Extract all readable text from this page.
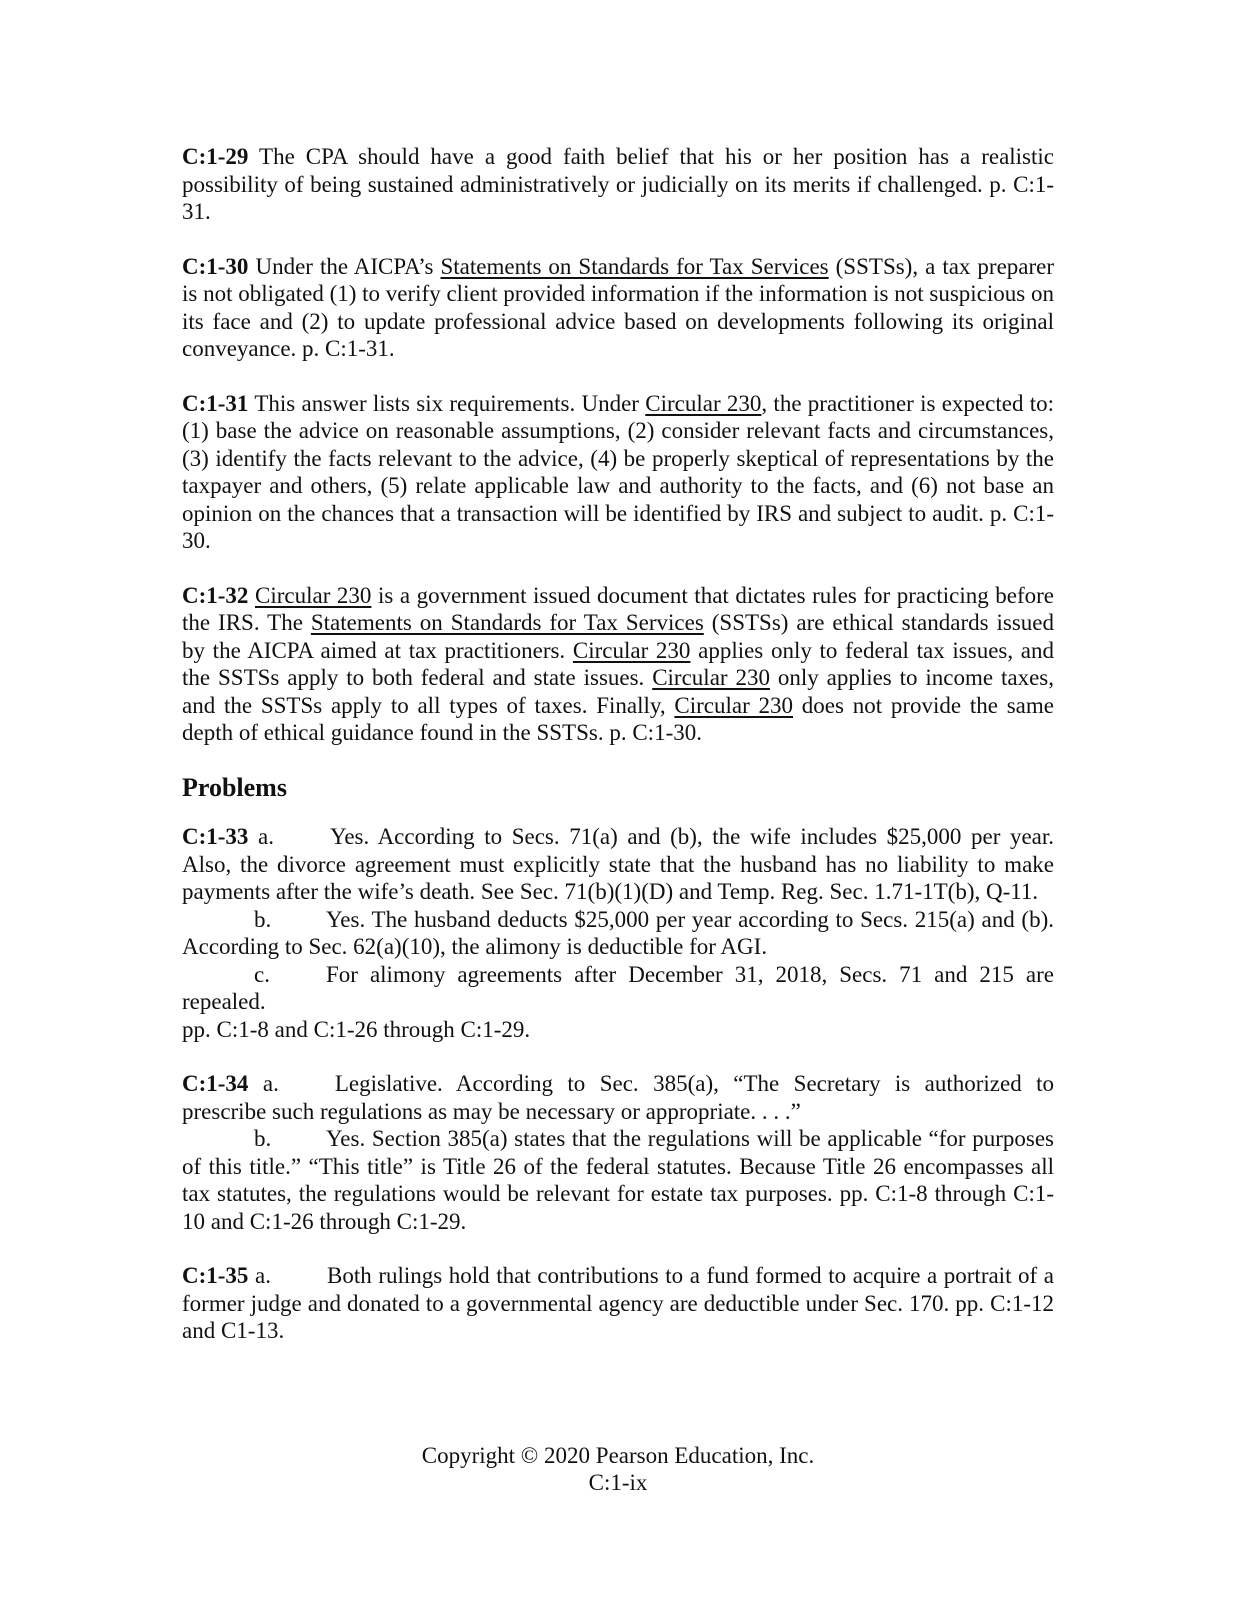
C:1-29 The CPA should have a good faith belief that his or her position has a realistic possibility of being sustained administratively or judicially on its merits if challenged. p. C:1-31.

C:1-30 Under the AICPA’s Statements on Standards for Tax Services (SSTSs), a tax preparer is not obligated (1) to verify client provided information if the information is not suspicious on its face and (2) to update professional advice based on developments following its original conveyance. p. C:1-31.

C:1-31 This answer lists six requirements. Under Circular 230, the practitioner is expected to: (1) base the advice on reasonable assumptions, (2) consider relevant facts and circumstances, (3) identify the facts relevant to the advice, (4) be properly skeptical of representations by the taxpayer and others, (5) relate applicable law and authority to the facts, and (6) not base an opinion on the chances that a transaction will be identified by IRS and subject to audit. p. C:1-30.

C:1-32 Circular 230 is a government issued document that dictates rules for practicing before the IRS. The Statements on Standards for Tax Services (SSTSs) are ethical standards issued by the AICPA aimed at tax practitioners. Circular 230 applies only to federal tax issues, and the SSTSs apply to both federal and state issues. Circular 230 only applies to income taxes, and the SSTSs apply to all types of taxes. Finally, Circular 230 does not provide the same depth of ethical guidance found in the SSTSs. p. C:1-30.

Problems

C:1-33 a. Yes. According to Secs. 71(a) and (b), the wife includes $25,000 per year. Also, the divorce agreement must explicitly state that the husband has no liability to make payments after the wife’s death. See Sec. 71(b)(1)(D) and Temp. Reg. Sec. 1.71-1T(b), Q-11.

b. Yes. The husband deducts $25,000 per year according to Secs. 215(a) and (b). According to Sec. 62(a)(10), the alimony is deductible for AGI.

c. For alimony agreements after December 31, 2018, Secs. 71 and 215 are repealed.

pp. C:1-8 and C:1-26 through C:1-29.

C:1-34 a. Legislative. According to Sec. 385(a), “The Secretary is authorized to prescribe such regulations as may be necessary or appropriate. . . .”

b. Yes. Section 385(a) states that the regulations will be applicable “for purposes of this title.” “This title” is Title 26 of the federal statutes. Because Title 26 encompasses all tax statutes, the regulations would be relevant for estate tax purposes. pp. C:1-8 through C:1-10 and C:1-26 through C:1-29.

C:1-35 a. Both rulings hold that contributions to a fund formed to acquire a portrait of a former judge and donated to a governmental agency are deductible under Sec. 170. pp. C:1-12 and C1-13.

Copyright © 2020 Pearson Education, Inc.
C:1-ix
